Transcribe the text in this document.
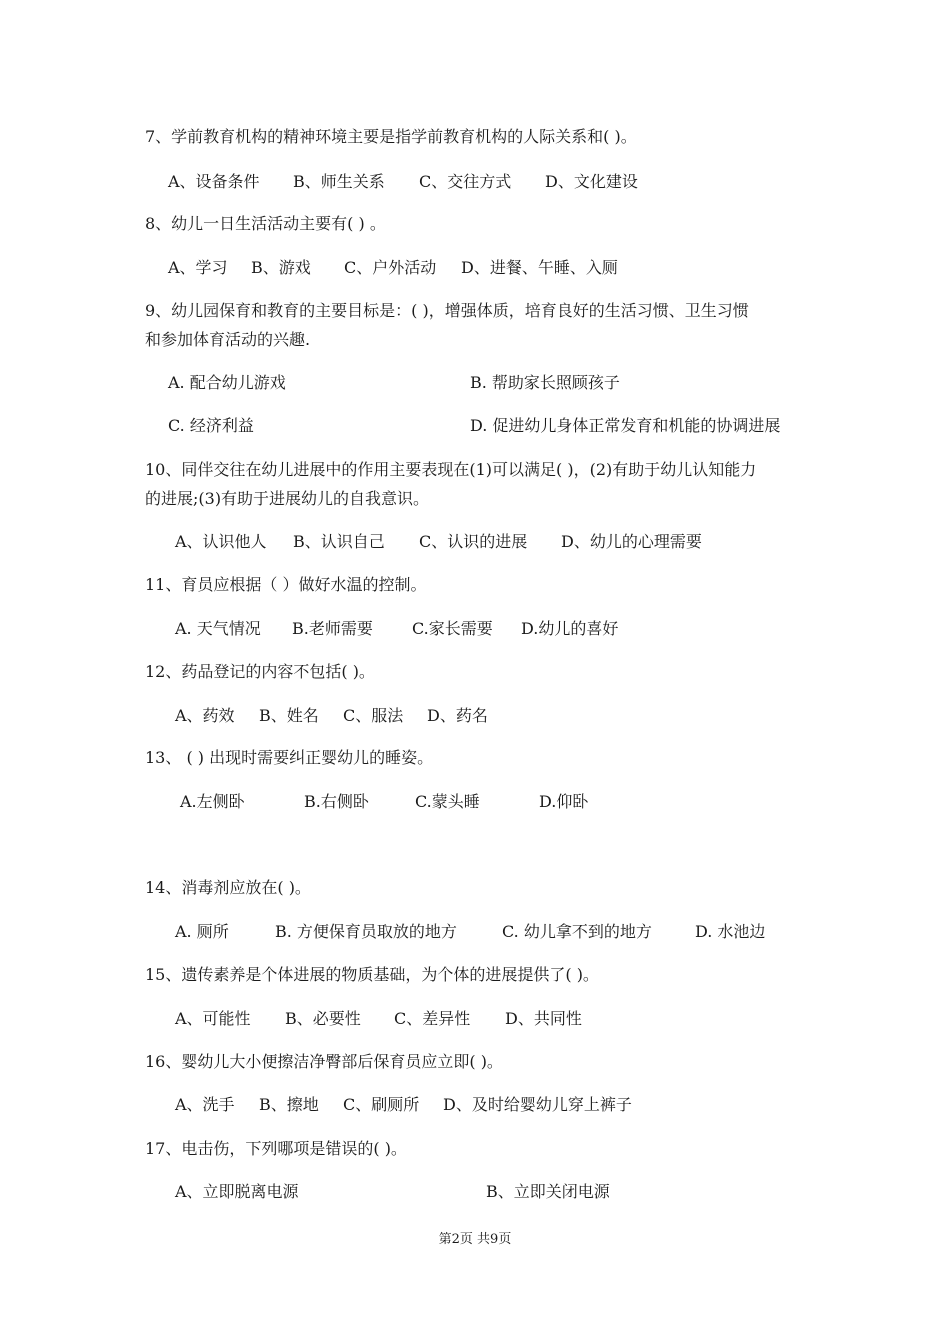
7、学前教育机构的精神环境主要是指学前教育机构的人际关系和( )。
A、设备条件 B、师生关系 C、交往方式 D、文化建设
8、幼儿一日生活活动主要有( ) 。
A、学习 B、游戏 C、户外活动 D、进餐、午睡、入厕
9、幼儿园保育和教育的主要目标是：( )，增强体质，培育良好的生活习惯、卫生习惯
和参加体育活动的兴趣.
A. 配合幼儿游戏	B. 帮助家长照顾孩子
C. 经济利益	D. 促进幼儿身体正常发育和机能的协调进展
10、同伴交往在幼儿进展中的作用主要表现在(1)可以满足( )，(2)有助于幼儿认知能力
的进展;(3)有助于进展幼儿的自我意识。
A、认识他人 B、认识自己 C、认识的进展 D、幼儿的心理需要
11、育员应根据（ ）做好水温的控制。
A. 天气情况 B.老师需要 C.家长需要 D.幼儿的喜好
12、药品登记的内容不包括( )。
A、药效 B、姓名 C、服法 D、药名
13、 ( ) 出现时需要纠正婴幼儿的睡姿。
A.左侧卧	B.右侧卧	C.蒙头睡	D.仰卧
14、消毒剂应放在( )。
A. 厕所	B. 方便保育员取放的地方	C. 幼儿拿不到的地方	D. 水池边
15、遗传素养是个体进展的物质基础，为个体的进展提供了( )。
A、可能性 B、必要性 C、差异性 D、共同性
16、婴幼儿大小便擦洁净臀部后保育员应立即( )。
A、洗手 B、擦地 C、刷厕所 D、及时给婴幼儿穿上裤子
17、电击伤，下列哪项是错误的( )。
A、立即脱离电源	B、立即关闭电源
第2页 共9页
